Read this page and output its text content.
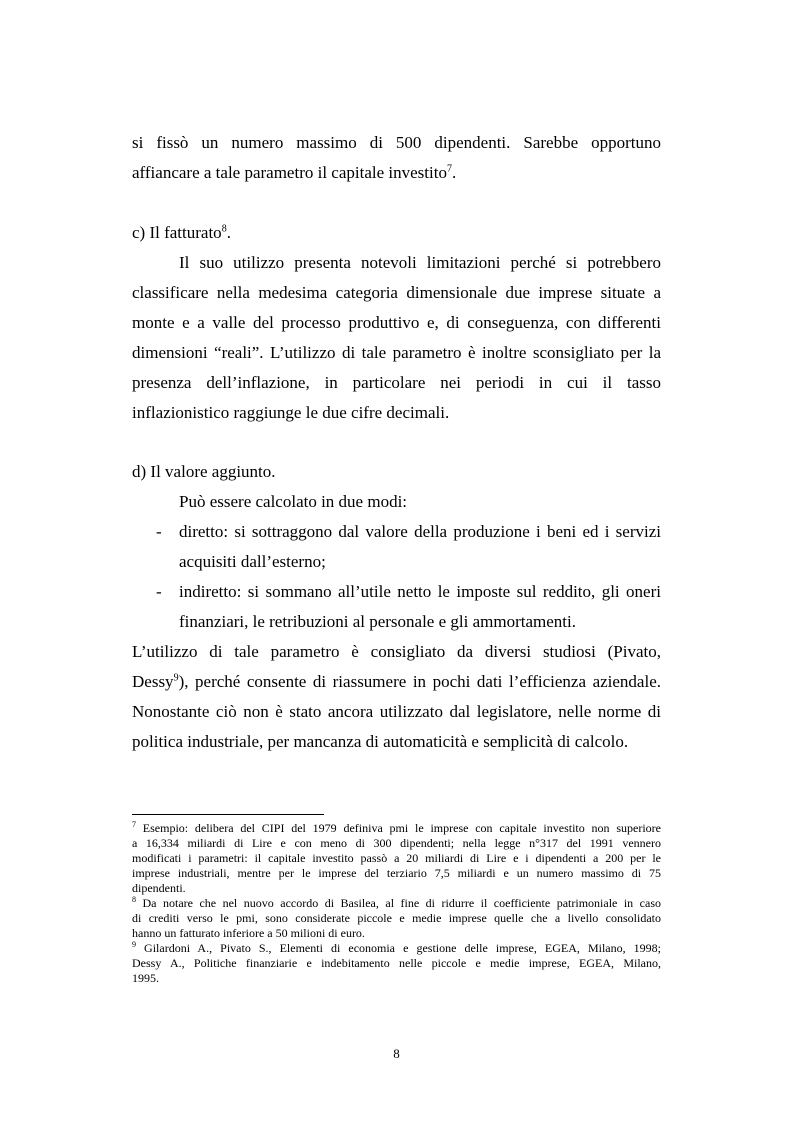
si fissò un numero massimo di 500 dipendenti. Sarebbe opportuno
affiancare a tale parametro il capitale investito$^7$.
c) Il fatturato$^8$.
Il suo utilizzo presenta notevoli limitazioni perché si potrebbero
classificare nella medesima categoria dimensionale due imprese situate a
monte e a valle del processo produttivo e, di conseguenza, con differenti
dimensioni “reali”. L’utilizzo di tale parametro è inoltre sconsigliato per la
presenza dell’inflazione, in particolare nei periodi in cui il tasso
inflazionistico raggiunge le due cifre decimali.
d) Il valore aggiunto.
Può essere calcolato in due modi:
-	diretto: si sottraggono dal valore della produzione i beni ed i servizi
acquisiti dall’esterno;
-	indiretto: si sommano all’utile netto le imposte sul reddito, gli oneri
finanziari, le retribuzioni al personale e gli ammortamenti.
L’utilizzo di tale parametro è consigliato da diversi studiosi (Pivato,
Dessy$^9$), perché consente di riassumere in pochi dati l’efficienza aziendale.
Nonostante ciò non è stato ancora utilizzato dal legislatore, nelle norme di
politica industriale, per mancanza di automaticità e semplicità di calcolo.
$^7$ Esempio: delibera del CIPI del 1979 definiva pmi le imprese con capitale investito non superiore
a 16,334 miliardi di Lire e con meno di 300 dipendenti; nella legge n°317 del 1991 vennero
modificati i parametri: il capitale investito passò a 20 miliardi di Lire e i dipendenti a 200 per le
imprese industriali, mentre per le imprese del terziario 7,5 miliardi e un numero massimo di 75
dipendenti.
$^8$ Da notare che nel nuovo accordo di Basilea, al fine di ridurre il coefficiente patrimoniale in caso
di crediti verso le pmi, sono considerate piccole e medie imprese quelle che a livello consolidato
hanno un fatturato inferiore a 50 milioni di euro.
$^9$ Gilardoni A., Pivato S., Elementi di economia e gestione delle imprese, EGEA, Milano, 1998;
Dessy A., Politiche finanziarie e indebitamento nelle piccole e medie imprese, EGEA, Milano,
1995.
8
